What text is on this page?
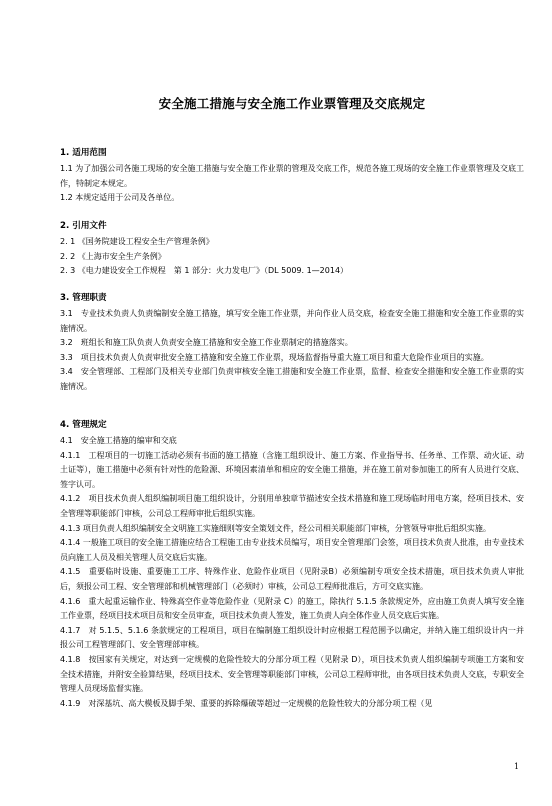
安全施工措施与安全施工作业票管理及交底规定
1. 适用范围

1.1 为了加强公司各施工现场的安全施工措施与安全施工作业票的管理及交底工作，规范各施工现场的安全施工作业票管理及交底工作，特制定本规定。

1.2 本规定适用于公司及各单位。

2. 引用文件

2. 1 《国务院建设工程安全生产管理条例》

2. 2 《上海市安全生产条例》

2. 3 《电力建设安全工作规程　第 1 部分：火力发电厂》（DL 5009. 1—2014）

3. 管理职责

3.1　专业技术负责人负责编制安全施工措施，填写安全施工作业票，并向作业人员交底，检查安全施工措施和安全施工作业票的实施情况。

3.2　班组长和施工队负责人负责安全施工措施和安全施工作业票制定的措施落实。

3.3　项目技术负责人负责审批安全施工措施和安全施工作业票，现场监督指导重大施工项目和重大危险作业项目的实施。

3.4　安全管理部、工程部门及相关专业部门负责审核安全施工措施和安全施工作业票，监督、检查安全措施和安全施工作业票的实施情况。

4. 管理规定

4.1　安全施工措施的编审和交底

4.1.1　工程项目的一切施工活动必须有书面的施工措施（含施工组织设计、施工方案、作业指导书、任务单、工作票、动火证、动土证等），施工措施中必须有针对性的危险源、环境因素清单和相应的安全施工措施，并在施工前对参加施工的所有人员进行交底、签字认可。

4.1.2　项目技术负责人组织编制项目施工组织设计，分别用单独章节描述安全技术措施和施工现场临时用电方案，经项目技术、安全管理等职能部门审核，公司总工程师审批后组织实施。

4.1.3 项目负责人组织编制安全文明施工实施细则等安全策划文件，经公司相关职能部门审核，分管领导审批后组织实施。

4.1.4 一般施工项目的安全施工措施应结合工程施工由专业技术员编写，项目安全管理部门会签，项目技术负责人批准，由专业技术员向施工人员及相关管理人员交底后实施。

4.1.5　重要临时设施、重要施工工序、特殊作业、危险作业项目（见附录B）必须编制专项安全技术措施，项目技术负责人审批后，须报公司工程、安全管理部和机械管理部门（必须时）审核，公司总工程师批准后，方可交底实施。

4.1.6　重大起重运输作业、特殊高空作业等危险作业（见附录 C）的施工，除执行 5.1.5 条款规定外，应由施工负责人填写安全施工作业票，经项目技术项目员和安全员审查，项目技术负责人签发，施工负责人向全体作业人员交底后实施。

4.1.7　对 5.1.5、5.1.6 条款规定的工程项目，项目在编制施工组织设计时应根据工程范围予以确定，并纳入施工组织设计内一并报公司工程管理部门、安全管理部审核。

4.1.8　按国家有关规定，对达到一定规模的危险性较大的分部分项工程（见附录 D），项目技术负责人组织编制专项施工方案和安全技术措施，并附安全验算结果，经项目技术、安全管理等职能部门审核，公司总工程师审批，由各项目技术负责人交底，专职安全管理人员现场监督实施。

4.1.9　对深基坑、高大模板及脚手架、重要的拆除爆破等超过一定规模的危险性较大的分部分项工程（见

1
